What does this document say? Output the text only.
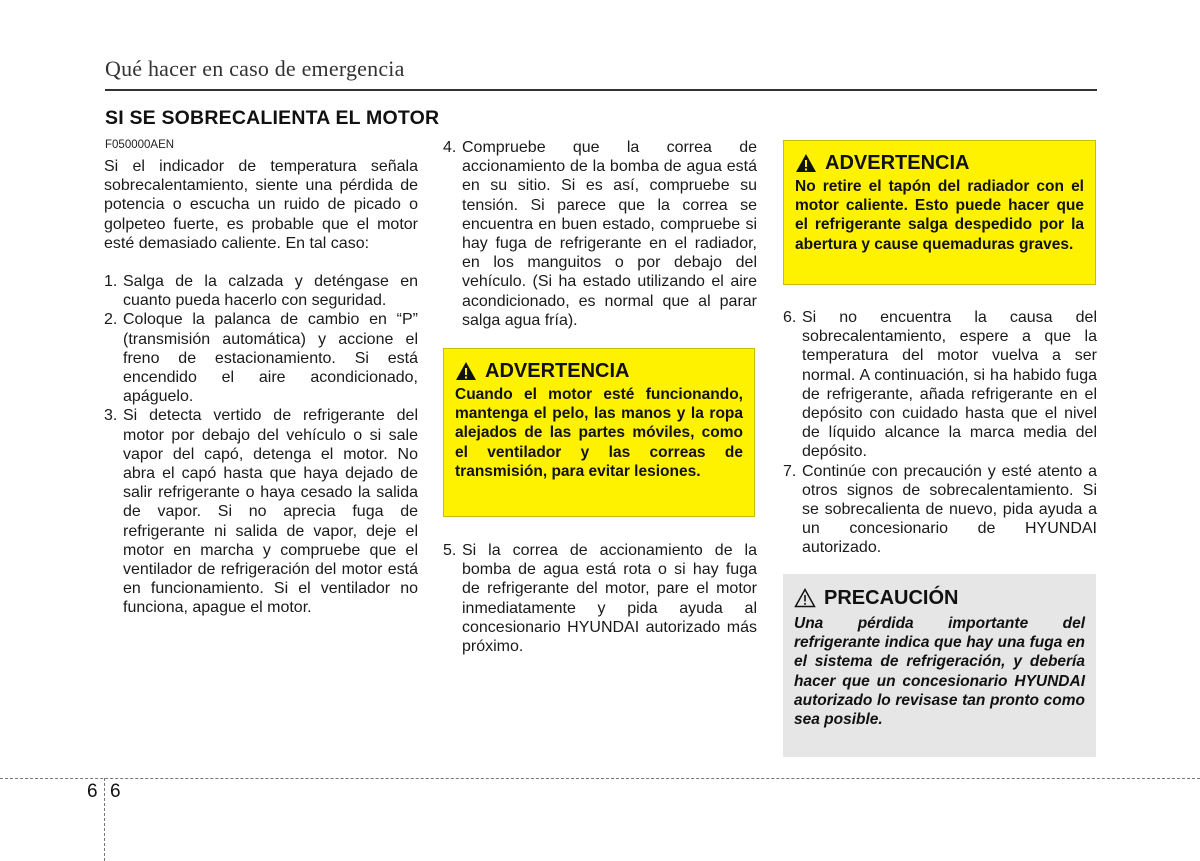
Qué hacer en caso de emergencia
SI SE SOBRECALIENTA EL MOTOR
F050000AEN

Si el indicador de temperatura señala sobrecalentamiento, siente una pérdida de potencia o escucha un ruido de picado o golpeteo fuerte, es probable que el motor esté demasiado caliente. En tal caso:

1. Salga de la calzada y deténgase en cuanto pueda hacerlo con seguridad.
2. Coloque la palanca de cambio en “P” (transmisión automática) y accione el freno de estacionamiento. Si está encendido el aire acondicionado, apáguelo.
3. Si detecta vertido de refrigerante del motor por debajo del vehículo o si sale vapor del capó, detenga el motor. No abra el capó hasta que haya dejado de salir refrigerante o haya cesado la salida de vapor. Si no aprecia fuga de refrigerante ni salida de vapor, deje el motor en marcha y compruebe que el ventilador de refrigeración del motor está en funcionamiento. Si el ventilador no funciona, apague el motor.
4. Compruebe que la correa de accionamiento de la bomba de agua está en su sitio. Si es así, compruebe su tensión. Si parece que la correa se encuentra en buen estado, compruebe si hay fuga de refrigerante en el radiador, en los manguitos o por debajo del vehículo. (Si ha estado utilizando el aire acondicionado, es normal que al parar salga agua fría).
ADVERTENCIA

Cuando el motor esté funcionando, mantenga el pelo, las manos y la ropa alejados de las partes móviles, como el ventilador y las correas de transmisión, para evitar lesiones.

5. Si la correa de accionamiento de la bomba de agua está rota o si hay fuga de refrigerante del motor, pare el motor inmediatamente y pida ayuda al concesionario HYUNDAI autorizado más próximo.
ADVERTENCIA

No retire el tapón del radiador con el motor caliente. Esto puede hacer que el refrigerante salga despedido por la abertura y cause quemaduras graves.

6. Si no encuentra la causa del sobrecalentamiento, espere a que la temperatura del motor vuelva a ser normal. A continuación, si ha habido fuga de refrigerante, añada refrigerante en el depósito con cuidado hasta que el nivel de líquido alcance la marca media del depósito.
7. Continúe con precaución y esté atento a otros signos de sobrecalentamiento. Si se sobrecalienta de nuevo, pida ayuda a un concesionario de HYUNDAI autorizado.
PRECAUCIÓN

Una pérdida importante del refrigerante indica que hay una fuga en el sistema de refrigeración, y debería hacer que un concesionario HYUNDAI autorizado lo revisase tan pronto como sea posible.

6 6
